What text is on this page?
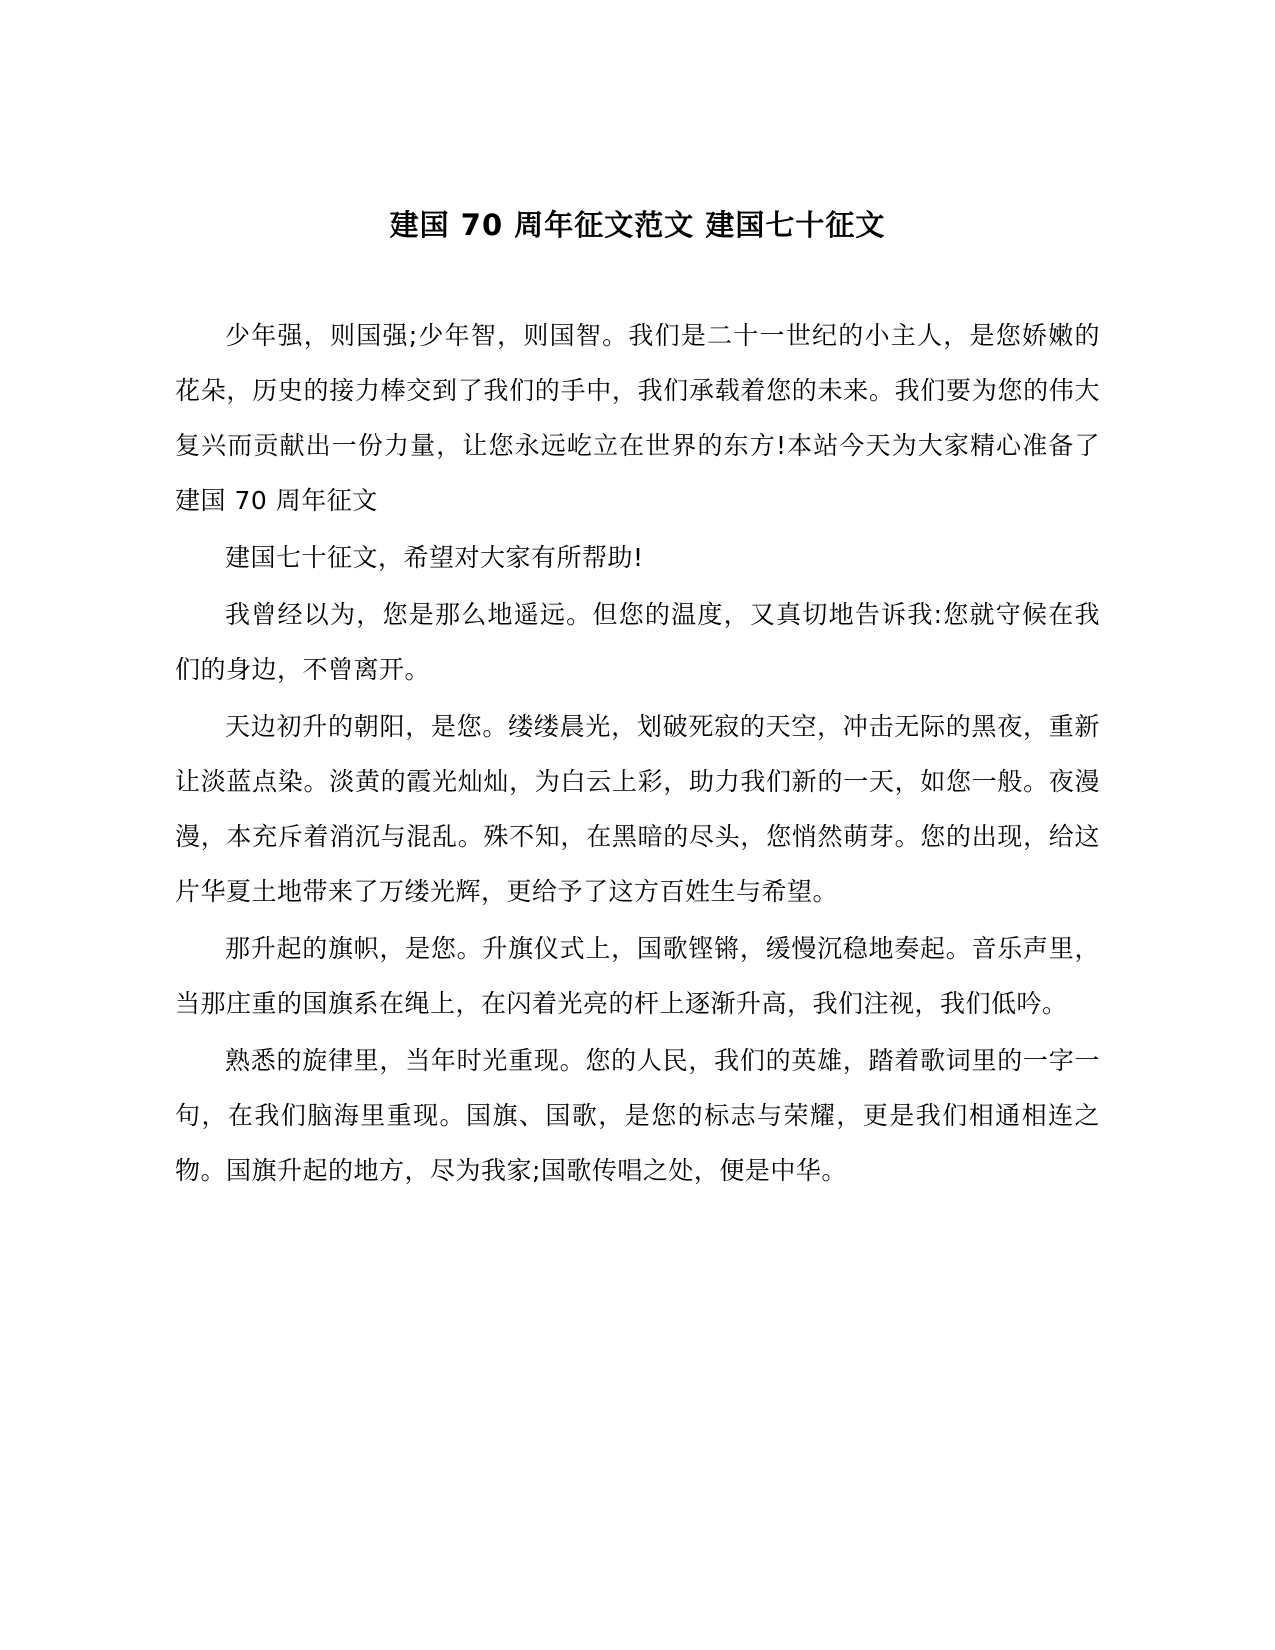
建国 70 周年征文范文 建国七十征文

少年强，则国强;少年智，则国智。我们是二十一世纪的小主人，是您娇嫩的花朵，历史的接力棒交到了我们的手中，我们承载着您的未来。我们要为您的伟大复兴而贡献出一份力量，让您永远屹立在世界的东方!本站今天为大家精心准备了建国 70 周年征文

建国七十征文，希望对大家有所帮助!

我曾经以为，您是那么地遥远。但您的温度，又真切地告诉我:您就守候在我们的身边，不曾离开。

天边初升的朝阳，是您。缕缕晨光，划破死寂的天空，冲击无际的黑夜，重新让淡蓝点染。淡黄的霞光灿灿，为白云上彩，助力我们新的一天，如您一般。夜漫漫，本充斥着消沉与混乱。殊不知，在黑暗的尽头，您悄然萌芽。您的出现，给这片华夏土地带来了万缕光辉，更给予了这方百姓生与希望。

那升起的旗帜，是您。升旗仪式上，国歌铿锵，缓慢沉稳地奏起。音乐声里，当那庄重的国旗系在绳上，在闪着光亮的杆上逐渐升高，我们注视，我们低吟。

熟悉的旋律里，当年时光重现。您的人民，我们的英雄，踏着歌词里的一字一句，在我们脑海里重现。国旗、国歌，是您的标志与荣耀，更是我们相通相连之物。国旗升起的地方，尽为我家;国歌传唱之处，便是中华。
